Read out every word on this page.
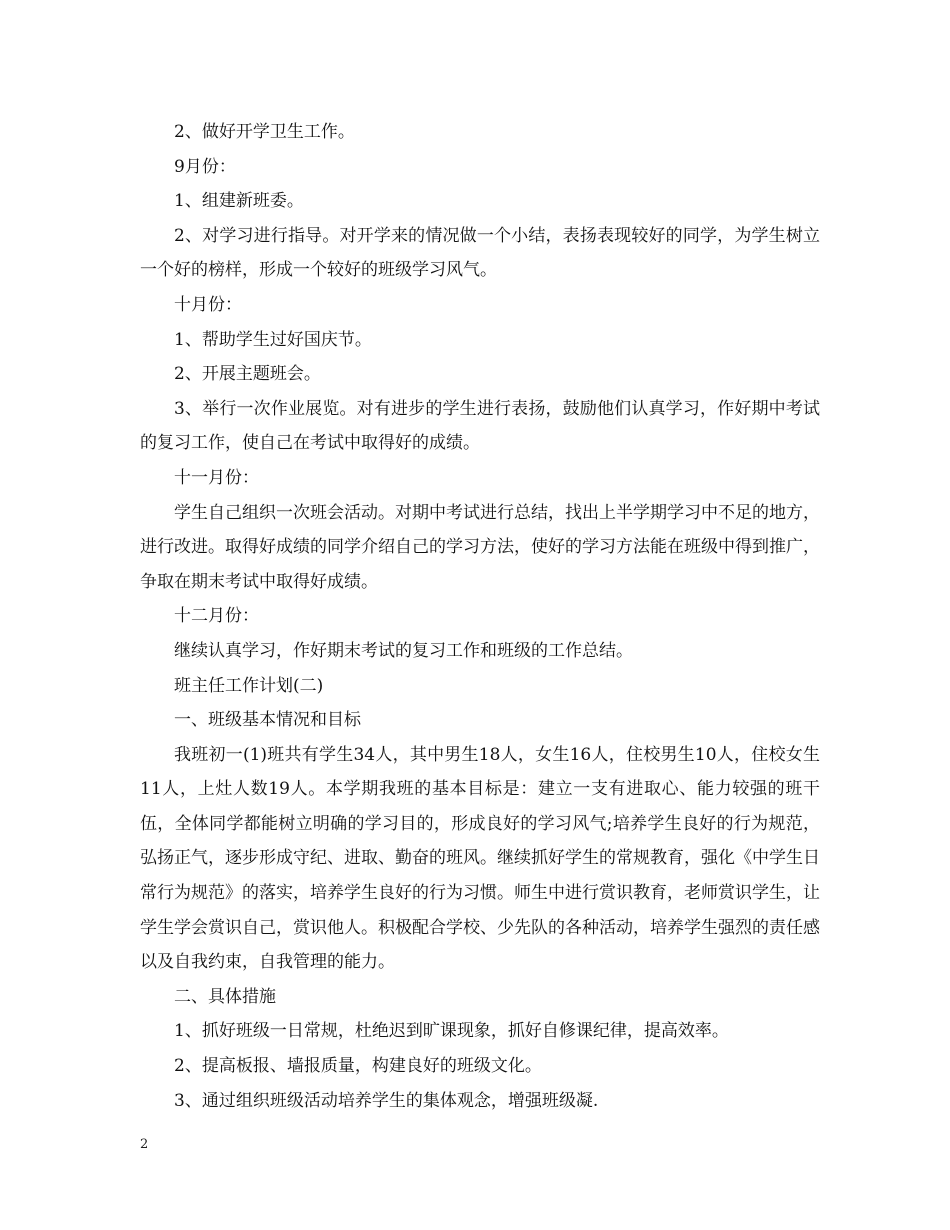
2、做好开学卫生工作。

9月份：

1、组建新班委。

2、对学习进行指导。对开学来的情况做一个小结，表扬表现较好的同学，为学生树立一个好的榜样，形成一个较好的班级学习风气。

十月份：

1、帮助学生过好国庆节。

2、开展主题班会。

3、举行一次作业展览。对有进步的学生进行表扬，鼓励他们认真学习，作好期中考试的复习工作，使自己在考试中取得好的成绩。

十一月份：

学生自己组织一次班会活动。对期中考试进行总结，找出上半学期学习中不足的地方，进行改进。取得好成绩的同学介绍自己的学习方法，使好的学习方法能在班级中得到推广，争取在期末考试中取得好成绩。

十二月份：

继续认真学习，作好期末考试的复习工作和班级的工作总结。

班主任工作计划(二)

一、班级基本情况和目标

我班初一(1)班共有学生34人，其中男生18人，女生16人，住校男生10人，住校女生11人，上灶人数19人。本学期我班的基本目标是：建立一支有进取心、能力较强的班干伍，全体同学都能树立明确的学习目的，形成良好的学习风气;培养学生良好的行为规范，弘扬正气，逐步形成守纪、进取、勤奋的班风。继续抓好学生的常规教育，强化《中学生日常行为规范》的落实，培养学生良好的行为习惯。师生中进行赏识教育，老师赏识学生，让学生学会赏识自己，赏识他人。积极配合学校、少先队的各种活动，培养学生强烈的责任感以及自我约束，自我管理的能力。

二、具体措施

1、抓好班级一日常规，杜绝迟到旷课现象，抓好自修课纪律，提高效率。

2、提高板报、墙报质量，构建良好的班级文化。

3、通过组织班级活动培养学生的集体观念，增强班级凝.

2
